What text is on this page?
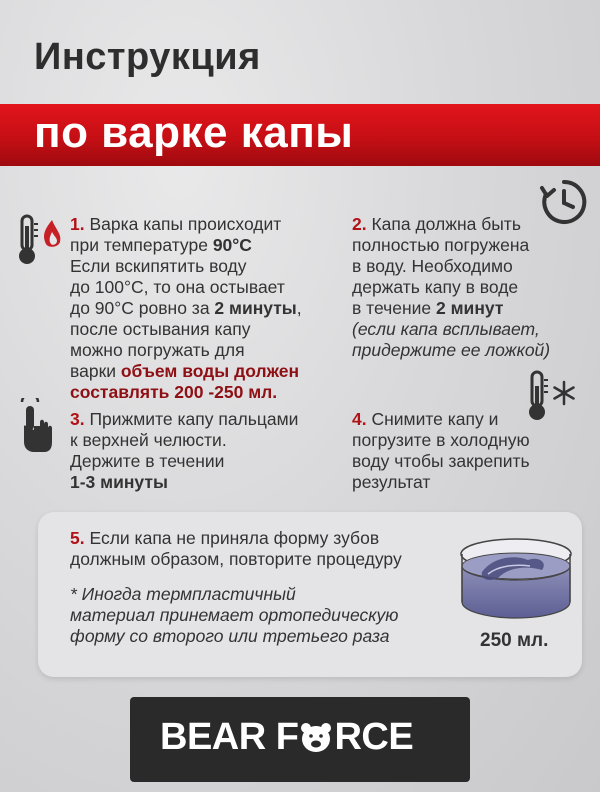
Инструкция
по варке капы
1. Варка капы происходит
при температуре 90°С
Если вскипятить воду
до 100°С, то она остывает
до 90°С ровно за 2 минуты,
после остывания капу
можно погружать для
варки объем воды должен
составлять 200 -250 мл.
2. Капа должна быть
полностью погружена
в воду. Необходимо
держать капу в воде
в течение 2 минут
(если капа всплывает,
придержите ее ложкой)
3. Прижмите капу пальцами
к верхней челюсти.
Держите в течении
1-3 минуты
4. Снимите капу и
погрузите в холодную
воду чтобы закрепить
результат
5. Если капа не приняла форму зубов
должным образом, повторите процедуру
* Иногда термпластичный
материал принемает ортопедическую
форму со второго или третьего раза	250 мл.
BEAR F RCE
